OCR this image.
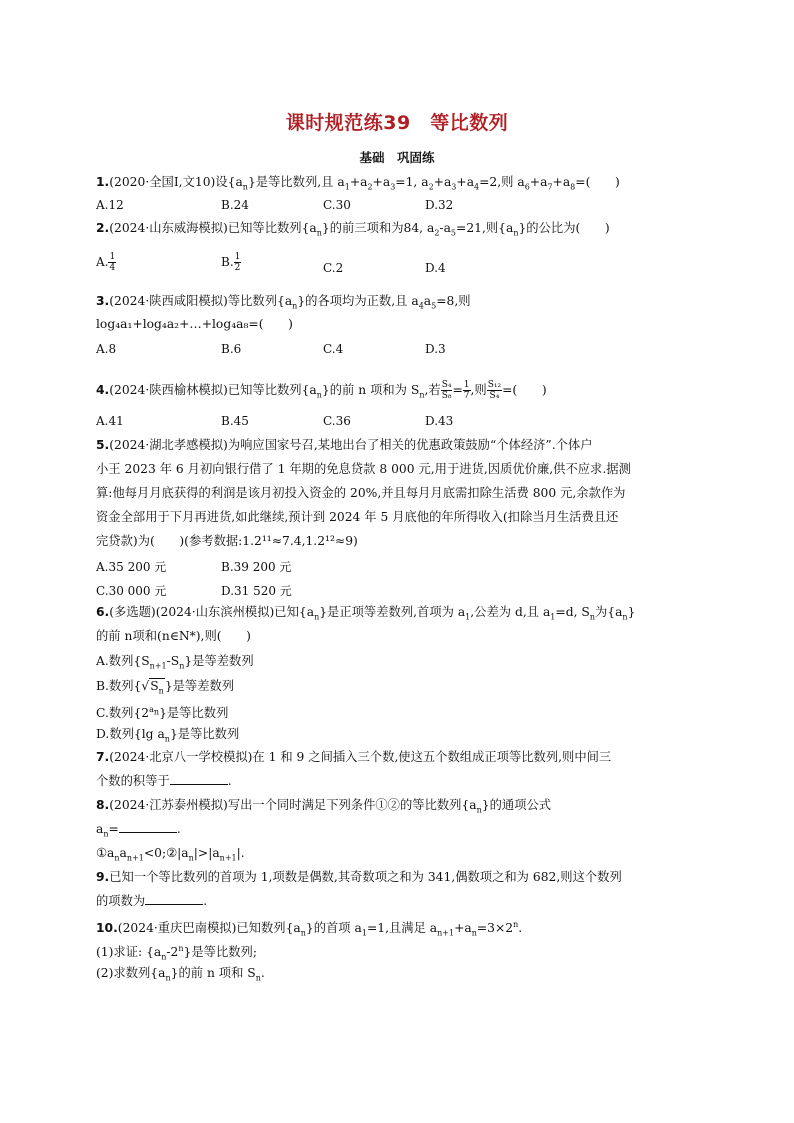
课时规范练39　等比数列
基础　巩固练
1.(2020·全国Ⅰ,文10)设$\{a_n\}$是等比数列,且 $a_1+a_2+a_3=1$, $a_2+a_3+a_4=2$,则 $a_6+a_7+a_8=$(　　)
A.12	B.24	C.30	D.32
2.(2024·山东威海模拟)已知等比数列$\{a_n\}$的前三项和为84, $a_2-a_5=21$,则$\{a_n\}$的公比为(　　)
A. $\frac{1}{4}$	B. $\frac{1}{2}$	C.2	D.4
3.(2024·陕西咸阳模拟)等比数列$\{a_n\}$的各项均为正数,且 $a_4a_5=8$,则
log₄a₁+log₄a₂+…+log₄a₈=(　　)
A.8	B.6	C.4	D.3
4.(2024·陕西榆林模拟)已知等比数列$\{a_n\}$的前 n 项和为 $S_n$,若 $\frac{\text{S₄}}{\text{S₈}} = \frac{1}{7}$ ,则 $\frac{\text{S₁₂}}{\text{S₄}}$ =(　　)
A.41	B.45	C.36	D.43
5.(2024·湖北孝感模拟)为响应国家号召,某地出台了相关的优惠政策鼓励“个体经济”.个体户
小王 2023 年 6 月初向银行借了 1 年期的免息贷款 8 000 元,用于进货,因质优价廉,供不应求.据测
算:他每月月底获得的利润是该月初投入资金的 20%,并且每月月底需扣除生活费 800 元,余款作为
资金全部用于下月再进货,如此继续,预计到 2024 年 5 月底他的年所得收入(扣除当月生活费且还
完贷款)为(　　)(参考数据:1.2¹¹≈7.4,1.2¹²≈9)
A.35 200 元	B.39 200 元
C.30 000 元	D.31 520 元
6.(多选题)(2024·山东滨州模拟)已知$\{a_n\}$是正项等差数列,首项为 $a_1$,公差为 d,且 $a_1=d$, $S_n$为$\{a_n\}$
的前 n项和(n∈N*),则(　　)
A.数列$\{S_{n+1}-S_n\}$是等差数列
B.数列$\{√S_n\}$是等差数列
C.数列$\{2^{a_n}\}$是等比数列
D.数列{lg $a_n$}是等比数列
7.(2024·北京八一学校模拟)在 1 和 9 之间插入三个数,使这五个数组成正项等比数列,则中间三
个数的积等于	.
8.(2024·江苏泰州模拟)写出一个同时满足下列条件①②的等比数列$\{a_n\}$的通项公式
$a_n=$	.
$①a_na_{n+1}<0;②|a_n|>|a_{n+1}|$.
9.已知一个等比数列的首项为 1,项数是偶数,其奇数项之和为 341,偶数项之和为 682,则这个数列
的项数为	.
10.(2024·重庆巴南模拟)已知数列$\{a_n\}$的首项 $a_1=1$,且满足 $a_{n+1}+a_n=3\times 2^n$.
(1)求证: $\{a_n-2^n\}$是等比数列;
(2)求数列$\{a_n\}$的前 n 项和 $S_n$.
